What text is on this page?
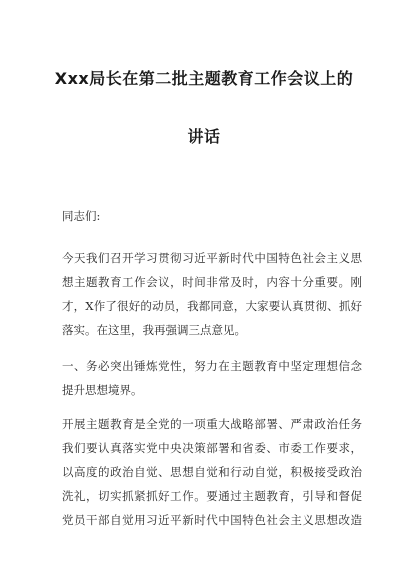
Xxx局长在第二批主题教育工作会议上的
讲话
同志们:
今天我们召开学习贯彻习近平新时代中国特色社会主义思
想主题教育工作会议，时间非常及时，内容十分重要。刚
才，X作了很好的动员，我都同意，大家要认真贯彻、抓好
落实。在这里，我再强调三点意见。
一、务必突出锤炼党性，努力在主题教育中坚定理想信念
提升思想境界。
开展主题教育是全党的一项重大战略部署、严肃政治任务
我们要认真落实党中央决策部署和省委、市委工作要求，
以高度的政治自觉、思想自觉和行动自觉，积极接受政治
洗礼，切实抓紧抓好工作。要通过主题教育，引导和督促
党员干部自觉用习近平新时代中国特色社会主义思想改造
